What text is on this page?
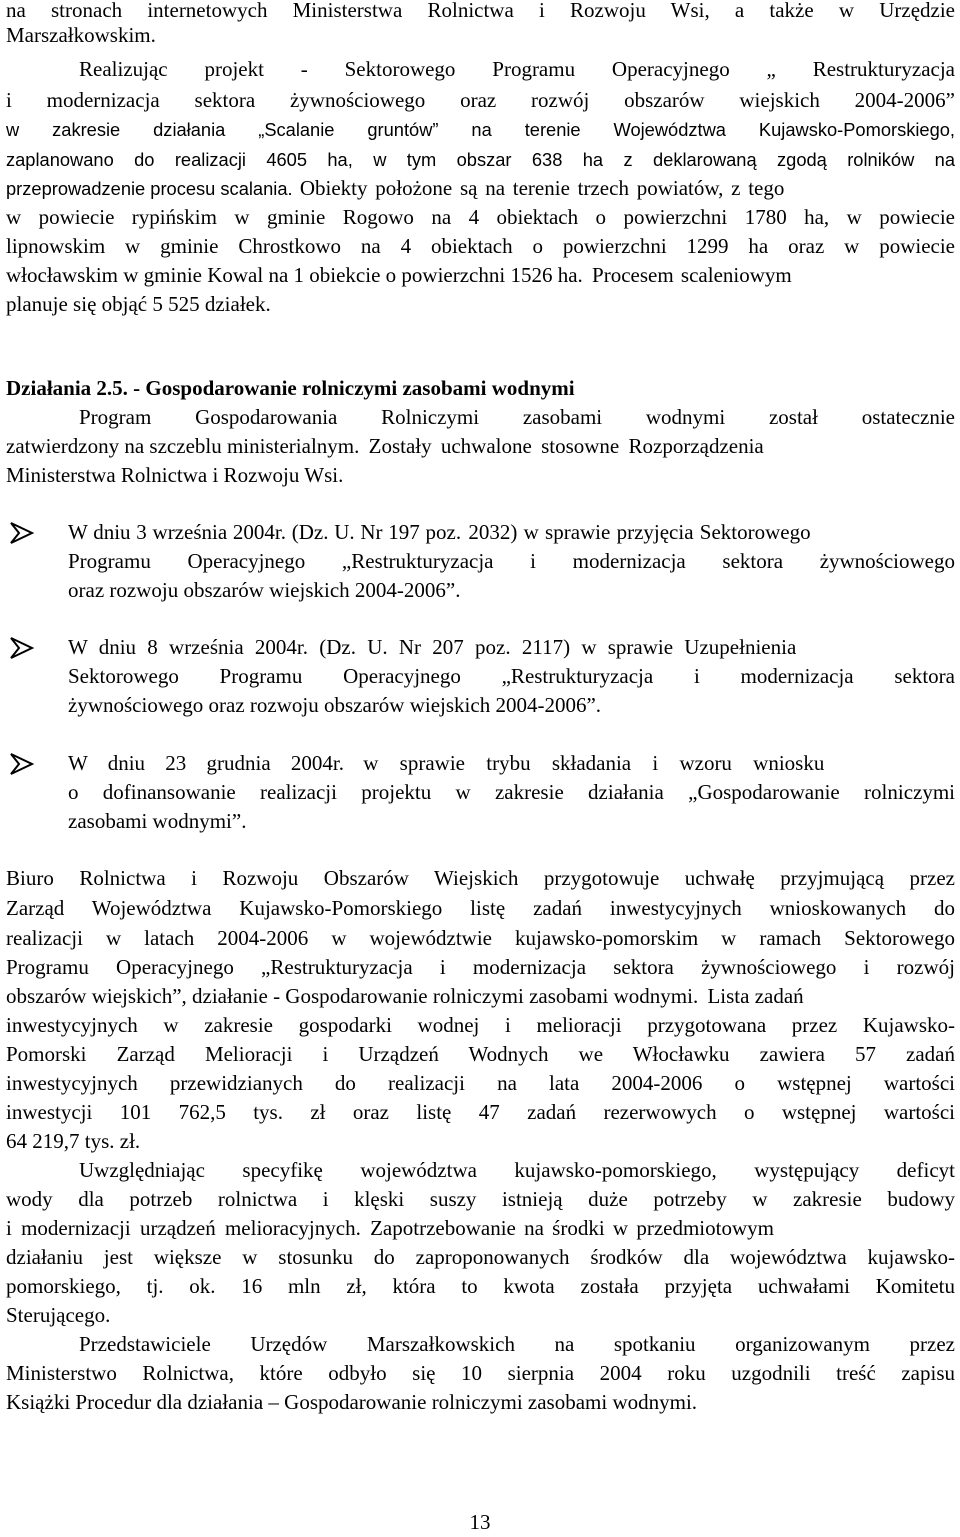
na stronach internetowych Ministerstwa Rolnictwa i Rozwoju Wsi, a także w Urzędzie
Marszałkowskim.
Realizując projekt - Sektorowego Programu Operacyjnego „ Restrukturyzacja
i modernizacja sektora żywnościowego oraz rozwój obszarów wiejskich 2004-2006”
w zakresie działania „Scalanie gruntów” na terenie Województwa Kujawsko-Pomorskiego,
zaplanowano do realizacji 4605 ha, w tym obszar 638 ha z deklarowaną zgodą rolników na
przeprowadzenie procesu scalania. Obiekty położone są na terenie trzech powiatów, z tego
w powiecie rypińskim w gminie Rogowo na 4 obiektach o powierzchni 1780 ha, w powiecie
lipnowskim w gminie Chrostkowo na 4 obiektach o powierzchni 1299 ha oraz w powiecie
włocławskim w gminie Kowal na 1 obiekcie o powierzchni 1526 ha. Procesem scaleniowym
planuje się objąć 5 525 działek.
Działania 2.5. - Gospodarowanie rolniczymi zasobami wodnymi
Program Gospodarowania Rolniczymi zasobami wodnymi został ostatecznie
zatwierdzony na szczeblu ministerialnym. Zostały uchwalone stosowne Rozporządzenia
Ministerstwa Rolnictwa i Rozwoju Wsi.
W dniu 3 września 2004r. (Dz. U. Nr 197 poz. 2032) w sprawie przyjęcia Sektorowego
Programu Operacyjnego „Restrukturyzacja i modernizacja sektora żywnościowego
oraz rozwoju obszarów wiejskich 2004-2006”.
W dniu 8 września 2004r. (Dz. U. Nr 207 poz. 2117) w sprawie Uzupełnienia
Sektorowego Programu Operacyjnego „Restrukturyzacja i modernizacja sektora
żywnościowego oraz rozwoju obszarów wiejskich 2004-2006”.
W dniu 23 grudnia 2004r. w sprawie trybu składania i wzoru wniosku
o dofinansowanie realizacji projektu w zakresie działania „Gospodarowanie rolniczymi
zasobami wodnymi”.
Biuro Rolnictwa i Rozwoju Obszarów Wiejskich przygotowuje uchwałę przyjmującą przez
Zarząd Województwa Kujawsko-Pomorskiego listę zadań inwestycyjnych wnioskowanych do
realizacji w latach 2004-2006 w województwie kujawsko-pomorskim w ramach Sektorowego
Programu Operacyjnego „Restrukturyzacja i modernizacja sektora żywnościowego i rozwój
obszarów wiejskich”, działanie - Gospodarowanie rolniczymi zasobami wodnymi. Lista zadań
inwestycyjnych w zakresie gospodarki wodnej i melioracji przygotowana przez Kujawsko-
Pomorski Zarząd Melioracji i Urządzeń Wodnych we Włocławku zawiera 57 zadań
inwestycyjnych przewidzianych do realizacji na lata 2004-2006 o wstępnej wartości
inwestycji 101 762,5 tys. zł oraz listę 47 zadań rezerwowych o wstępnej wartości
64 219,7 tys. zł.
Uwzględniając specyfikę województwa kujawsko-pomorskiego, występujący deficyt
wody dla potrzeb rolnictwa i klęski suszy istnieją duże potrzeby w zakresie budowy
i modernizacji urządzeń melioracyjnych. Zapotrzebowanie na środki w przedmiotowym
działaniu jest większe w stosunku do zaproponowanych środków dla województwa kujawsko-
pomorskiego, tj. ok. 16 mln zł, która to kwota została przyjęta uchwałami Komitetu
Sterującego.
Przedstawiciele Urzędów Marszałkowskich na spotkaniu organizowanym przez
Ministerstwo Rolnictwa, które odbyło się 10 sierpnia 2004 roku uzgodnili treść zapisu
Książki Procedur dla działania – Gospodarowanie rolniczymi zasobami wodnymi.
13
